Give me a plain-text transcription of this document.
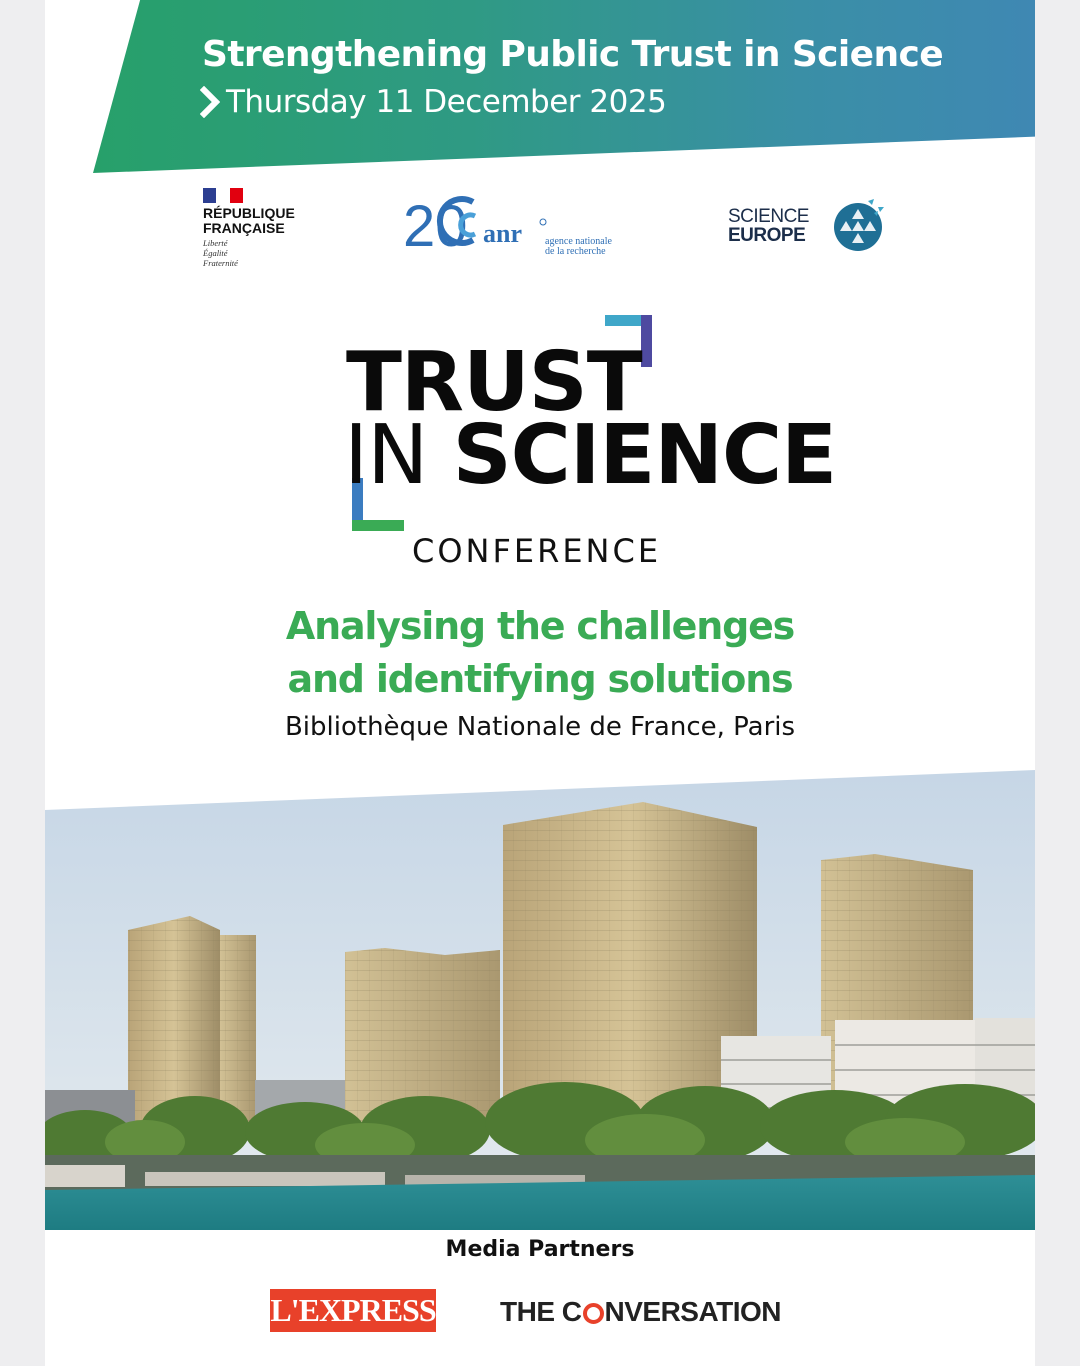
Strengthening Public Trust in Science
Thursday 11 December 2025
RÉPUBLIQUE
FRANÇAISE
Liberté
Égalité
Fraternité
20 anr agence nationale
de la recherche
SCIENCE
EUROPE
TRUST
IN SCIENCE
CONFERENCE
Analysing the challenges
and identifying solutions
Bibliothèque Nationale de France, Paris
Media Partners
L'EXPRESS THE C NVERSATION
